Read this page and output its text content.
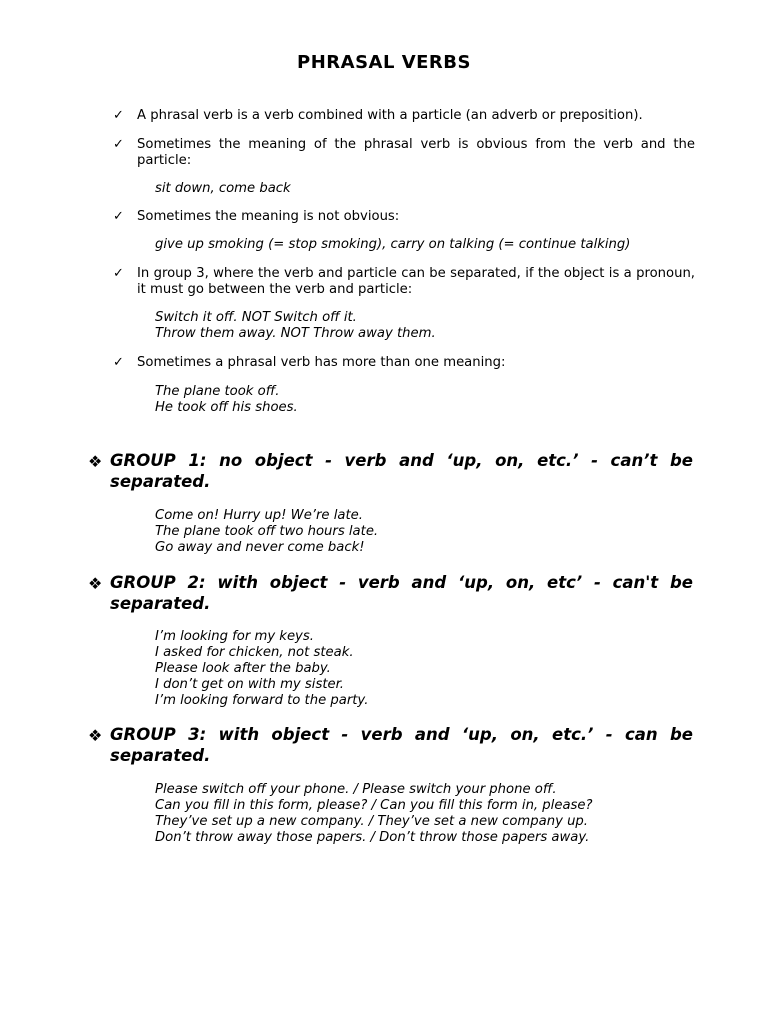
PHRASAL VERBS
✓ A phrasal verb is a verb combined with a particle (an adverb or preposition).
✓ Sometimes the meaning of the phrasal verb is obvious from the verb and the particle:
sit down, come back
✓ Sometimes the meaning is not obvious:
give up smoking (= stop smoking), carry on talking (= continue talking)
✓ In group 3, where the verb and particle can be separated, if the object is a pronoun, it must go between the verb and particle:
Switch it off. NOT Switch off it.
Throw them away. NOT Throw away them.
✓ Sometimes a phrasal verb has more than one meaning:
The plane took off.
He took off his shoes.
❖ GROUP 1: no object - verb and ‘up, on, etc.’ - can’t be separated.
Come on! Hurry up! We’re late.
The plane took off two hours late.
Go away and never come back!
❖ GROUP 2: with object - verb and ‘up, on, etc’ - can't be separated.
I’m looking for my keys.
I asked for chicken, not steak.
Please look after the baby.
I don’t get on with my sister.
I’m looking forward to the party.
❖ GROUP 3: with object - verb and ‘up, on, etc.’ - can be separated.
Please switch off your phone. / Please switch your phone off.
Can you fill in this form, please? / Can you fill this form in, please?
They’ve set up a new company. / They’ve set a new company up.
Don’t throw away those papers. / Don’t throw those papers away.
